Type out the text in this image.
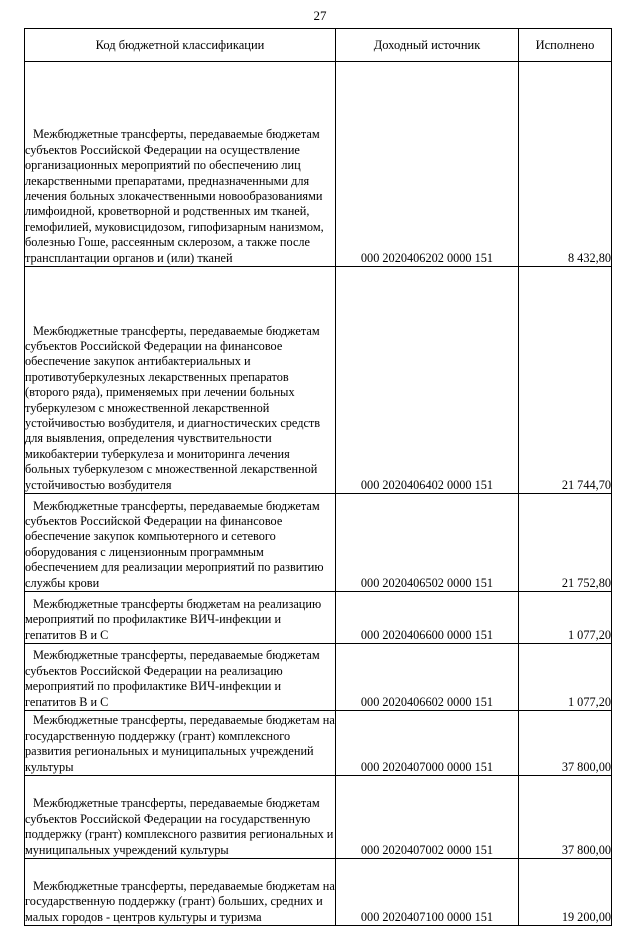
27
Код бюджетной классификации	Доходный источник	Исполнено

Межбюджетные трансферты, передаваемые бюджетам субъектов Российской Федерации на осуществление организационных мероприятий по обеспечению лиц лекарственными препаратами, предназначенными для лечения больных злокачественными новообразованиями лимфоидной, кроветворной и родственных им тканей, гемофилией, муковисцидозом, гипофизарным нанизмом, болезнью Гоше, рассеянным склерозом, а также после трансплантации органов и (или) тканей	000 2020406202 0000 151	8 432,80

Межбюджетные трансферты, передаваемые бюджетам субъектов Российской Федерации на финансовое обеспечение закупок антибактериальных и противотуберкулезных лекарственных препаратов (второго ряда), применяемых при лечении больных туберкулезом с множественной лекарственной устойчивостью возбудителя, и диагностических средств для выявления, определения чувствительности микобактерии туберкулеза и мониторинга лечения больных туберкулезом с множественной лекарственной устойчивостью возбудителя	000 2020406402 0000 151	21 744,70

Межбюджетные трансферты, передаваемые бюджетам субъектов Российской Федерации на финансовое обеспечение закупок компьютерного и сетевого оборудования с лицензионным программным обеспечением для реализации мероприятий по развитию службы крови	000 2020406502 0000 151	21 752,80

Межбюджетные трансферты бюджетам на реализацию мероприятий по профилактике ВИЧ-инфекции и гепатитов В и С	000 2020406600 0000 151	1 077,20

Межбюджетные трансферты, передаваемые бюджетам субъектов Российской Федерации на реализацию мероприятий по профилактике ВИЧ-инфекции и гепатитов В и С	000 2020406602 0000 151	1 077,20

Межбюджетные трансферты, передаваемые бюджетам на государственную поддержку (грант) комплексного развития региональных и муниципальных учреждений культуры	000 2020407000 0000 151	37 800,00

Межбюджетные трансферты, передаваемые бюджетам субъектов Российской Федерации на государственную поддержку (грант) комплексного развития региональных и муниципальных учреждений культуры	000 2020407002 0000 151	37 800,00

Межбюджетные трансферты, передаваемые бюджетам на государственную поддержку (грант) больших, средних и малых городов - центров культуры и туризма	000 2020407100 0000 151	19 200,00
